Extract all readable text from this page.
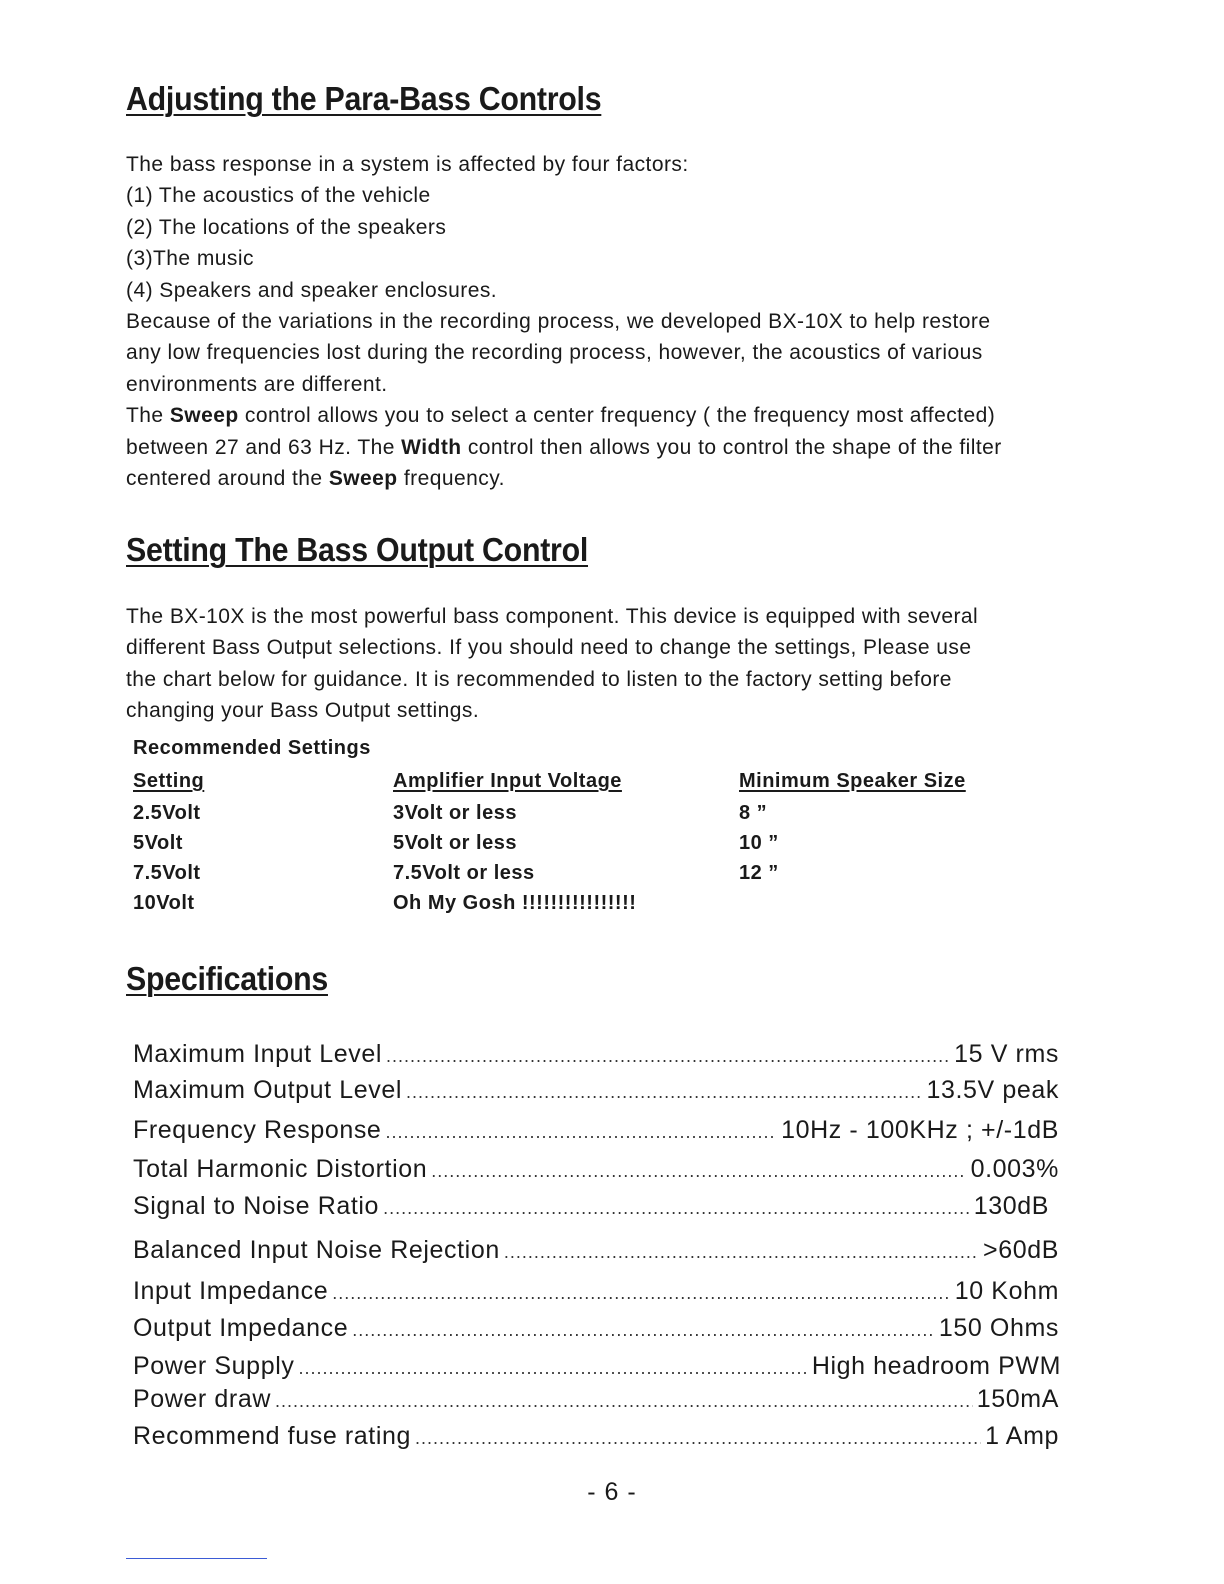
Adjusting the Para-Bass Controls
The bass response in a system is affected by four factors:
(1) The acoustics of the vehicle
(2) The locations of the speakers
(3)The music
(4) Speakers and speaker enclosures.
Because of the variations in the recording process, we developed BX-10X to help restore
any low frequencies lost during the recording process, however, the acoustics of various
environments are different.
The Sweep control allows you to select a center frequency ( the frequency most affected)
between 27 and 63 Hz. The Width control then allows you to control the shape of the filter
centered around the Sweep frequency.
Setting The Bass Output Control
The BX-10X is the most powerful bass component. This device is equipped with several
different Bass Output selections. If you should need to change the settings, Please use
the chart below for guidance. It is recommended to listen to the factory setting before
changing your Bass Output settings.
Recommended Settings
Setting	Amplifier Input Voltage	Minimum Speaker Size
2.5Volt	3Volt or less	8 ”
5Volt	5Volt or less	10 ”
7.5Volt	7.5Volt or less	12 ”
10Volt	Oh My Gosh !!!!!!!!!!!!!!!!
Specifications
Maximum Input Level .....	15 V rms
Maximum Output Level .....	13.5V peak
Frequency Response .....	10Hz - 100KHz ; +/-1dB
Total Harmonic Distortion .....	0.003%
Signal to Noise Ratio .....	130dB
Balanced Input Noise Rejection .....	>60dB
Input Impedance .....	10 Kohm
Output Impedance .....	150 Ohms
Power Supply .....	High headroom PWM
Power draw .....	150mA
Recommend fuse rating .....	1 Amp
- 6 -
